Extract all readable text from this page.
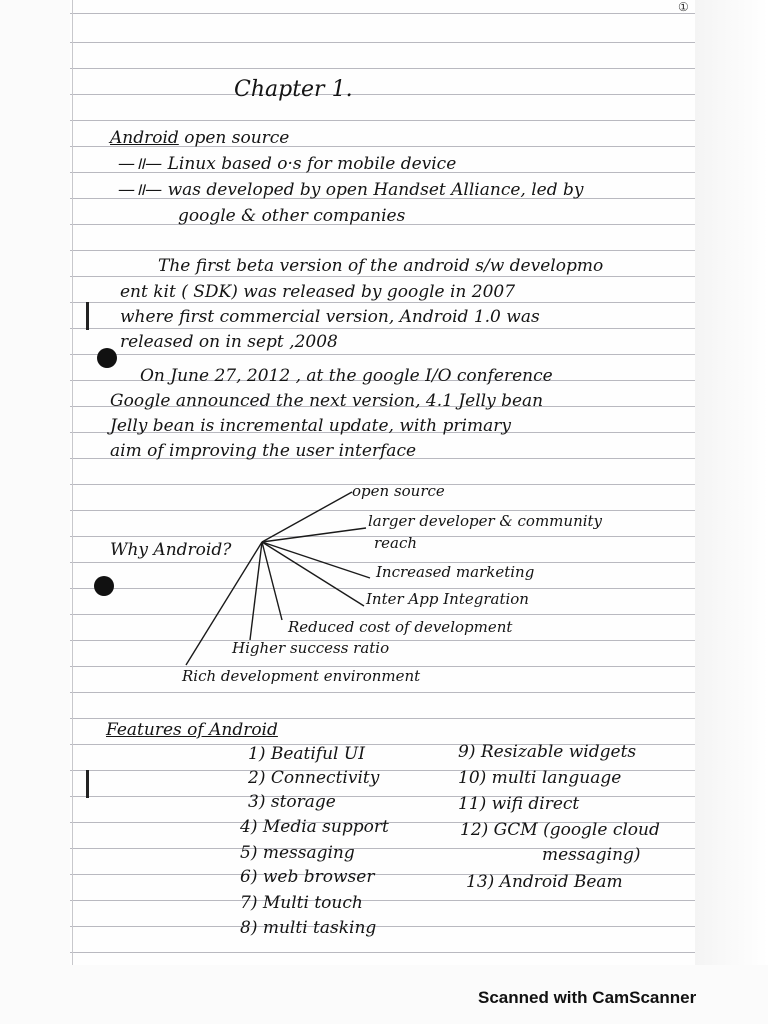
①
Chapter 1.
Android open source
—॥— Linux based o·s for mobile device
—॥— was developed by open Handset Alliance, led by
google & other companies
The first beta version of the android s/w developmo
ent kit ( SDK) was released by google in 2007
where first commercial version, Android 1.0 was
released on in sept ,2008
On June 27, 2012 , at the google I/O conference
Google announced the next version, 4.1 Jelly bean
Jelly bean is incremental update, with primary
aim of improving the user interface
Why Android?
open source
larger developer & community
reach
Increased marketing
Inter App Integration
Reduced cost of development
Higher success ratio
Rich development environment
Features of Android
1) Beatiful UI
2) Connectivity
3) storage
4) Media support
5) messaging
6) web browser
7) Multi touch
8) multi tasking
9) Resizable widgets
10) multi language
11) wifi direct
12) GCM (google cloud
messaging)
13) Android Beam
Scanned with CamScanner
